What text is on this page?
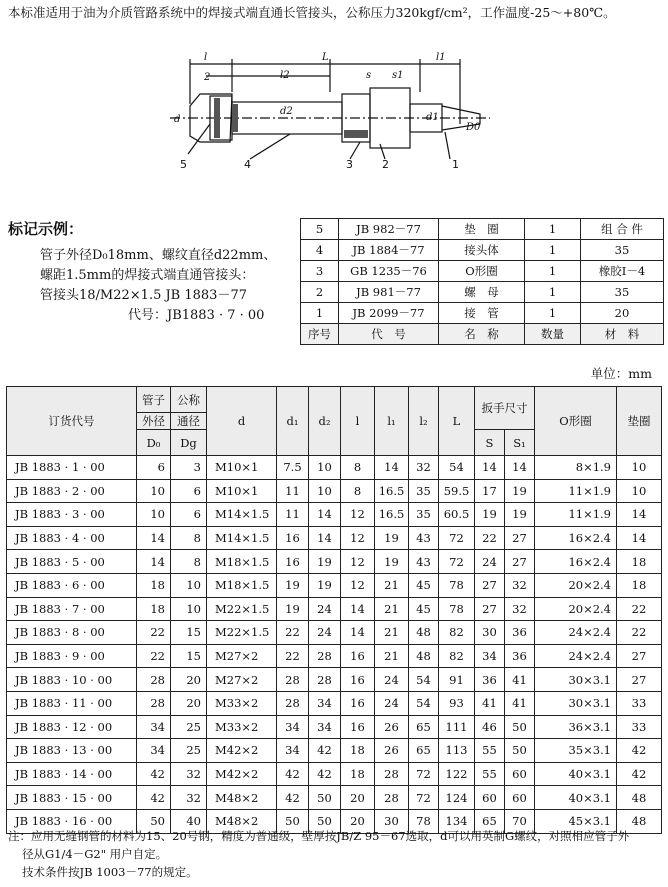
本标准适用于油为介质管路系统中的焊接式端直通长管接头，公称压力320kgf/cm²，工作温度-25～+80℃。
l
2	l2
L
s s1
l1
d
d2
d1
D0
5	4	3	2	1
标记示例：
管子外径D₀18mm、螺纹直径d22mm、
螺距1.5mm的焊接式端直通管接头：
管接头18/M22×1.5 JB 1883－77
代号：JB1883 · 7 · 00
5	JB 982－77	垫　圈	1	组 合 件
4	JB 1884－77	接头体	1	35
3	GB 1235－76	O形圈	1	橡胶I－4
2	JB 981－77	螺　母	1	35
1	JB 2099－77	接　管	1	20
序号	代　号	名　称	数量	材　料
单位：mm
订货代号	管子	公称	d	d₁	d₂	l	l₁	l₂	L	扳手尺寸		O形圈	垫圈
	外径	通径											
	D₀	Dg								S	S₁		
JB 1883 · 1 · 00	6	3	M10×1	7.5	10	8	14	32	54	14	14	8×1.9	10
JB 1883 · 2 · 00	10	6	M10×1	11	10	8	16.5	35	59.5	17	19	11×1.9	10
JB 1883 · 3 · 00	10	6	M14×1.5	11	14	12	16.5	35	60.5	19	19	11×1.9	14
JB 1883 · 4 · 00	14	8	M14×1.5	16	14	12	19	43	72	22	27	16×2.4	14
JB 1883 · 5 · 00	14	8	M18×1.5	16	19	12	19	43	72	24	27	16×2.4	18
JB 1883 · 6 · 00	18	10	M18×1.5	19	19	12	21	45	78	27	32	20×2.4	18
JB 1883 · 7 · 00	18	10	M22×1.5	19	24	14	21	45	78	27	32	20×2.4	22
JB 1883 · 8 · 00	22	15	M22×1.5	22	24	14	21	48	82	30	36	24×2.4	22
JB 1883 · 9 · 00	22	15	M27×2	22	28	16	21	48	82	34	36	24×2.4	27
JB 1883 · 10 · 00	28	20	M27×2	28	28	16	24	54	91	36	41	30×3.1	27
JB 1883 · 11 · 00	28	20	M33×2	28	34	16	24	54	93	41	41	30×3.1	33
JB 1883 · 12 · 00	34	25	M33×2	34	34	16	26	65	111	46	50	36×3.1	33
JB 1883 · 13 · 00	34	25	M42×2	34	42	18	26	65	113	55	50	35×3.1	42
JB 1883 · 14 · 00	42	32	M42×2	42	42	18	28	72	122	55	60	40×3.1	42
JB 1883 · 15 · 00	42	32	M48×2	42	50	20	28	72	124	60	60	40×3.1	48
JB 1883 · 16 · 00	50	40	M48×2	50	50	20	30	78	134	65	70	45×3.1	48
注：应用无缝钢管的材料为15、20号钢，精度为普通级，壁厚按JB/Z 95－67选取，d可以用英制G螺纹，对照相应管子外
径从G1/4－G2" 用户自定。
技术条件按JB 1003－77的规定。
